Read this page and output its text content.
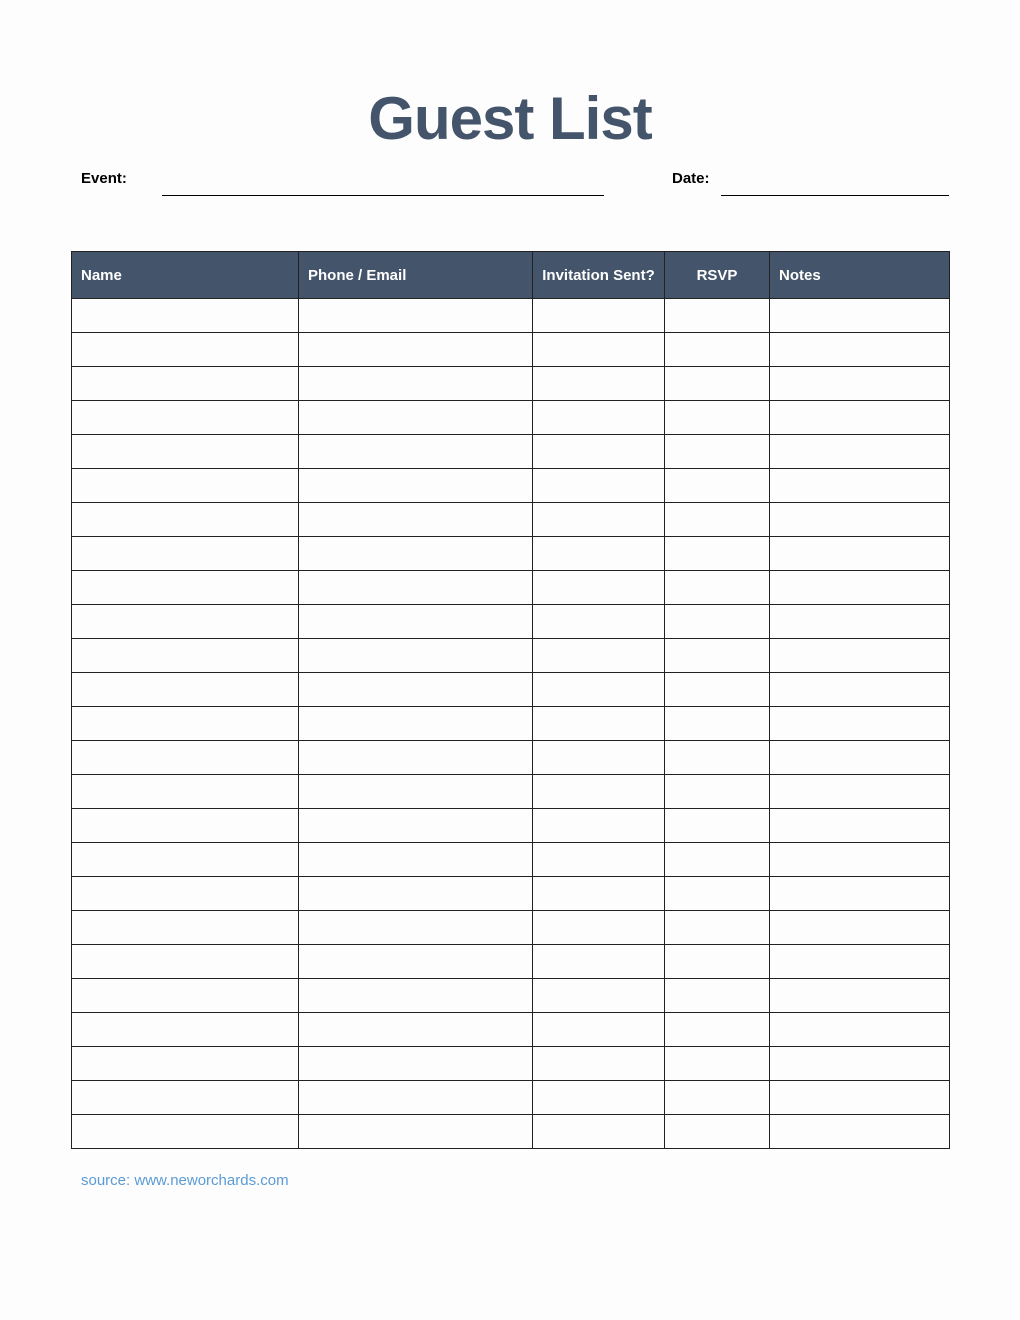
Guest List
Event:	Date:
Name	Phone / Email	Invitation Sent?	RSVP	Notes

source: www.neworchards.com
